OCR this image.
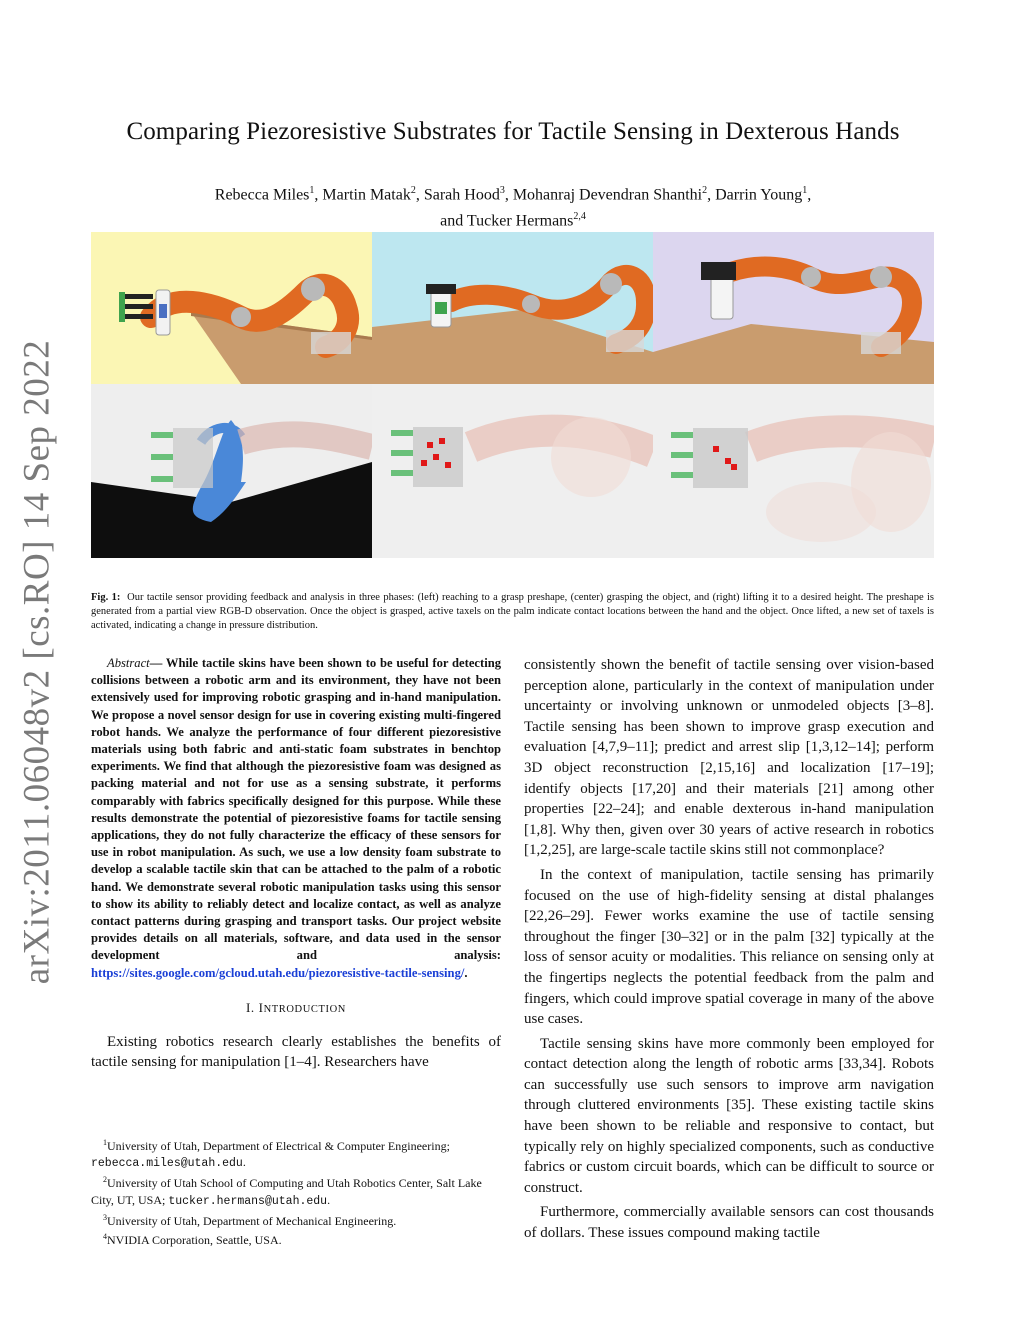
arXiv:2011.06048v2 [cs.RO] 14 Sep 2022
Comparing Piezoresistive Substrates for Tactile Sensing in Dexterous Hands
Rebecca Miles$^1$, Martin Matak$^2$, Sarah Hood$^3$, Mohanraj Devendran Shanthi$^2$, Darrin Young$^1$,
and Tucker Hermans$^{2,4}$
Fig. 1: Our tactile sensor providing feedback and analysis in three phases: (left) reaching to a grasp preshape, (center) grasping the object, and (right) lifting it to a desired height. The preshape is generated from a partial view RGB-D observation. Once the object is grasped, active taxels on the palm indicate contact locations between the hand and the object. Once lifted, a new set of taxels is activated, indicating a change in pressure distribution.

Abstract— While tactile skins have been shown to be useful for detecting collisions between a robotic arm and its environment, they have not been extensively used for improving robotic grasping and in-hand manipulation. We propose a novel sensor design for use in covering existing multi-fingered robot hands. We analyze the performance of four different piezoresistive materials using both fabric and anti-static foam substrates in benchtop experiments. We find that although the piezoresistive foam was designed as packing material and not for use as a sensing substrate, it performs comparably with fabrics specifically designed for this purpose. While these results demonstrate the potential of piezoresistive foams for tactile sensing applications, they do not fully characterize the efficacy of these sensors for use in robot manipulation. As such, we use a low density foam substrate to develop a scalable tactile skin that can be attached to the palm of a robotic hand. We demonstrate several robotic manipulation tasks using this sensor to show its ability to reliably detect and localize contact, as well as analyze contact patterns during grasping and transport tasks. Our project website provides details on all materials, software, and data used in the sensor development and analysis: https://sites.google.com/gcloud.utah.edu/piezoresistive-tactile-sensing/.

I. INTRODUCTION

Existing robotics research clearly establishes the benefits of tactile sensing for manipulation [1–4]. Researchers have

$^1$University of Utah, Department of Electrical & Computer Engineering; rebecca.miles@utah.edu.
$^2$University of Utah School of Computing and Utah Robotics Center, Salt Lake City, UT, USA; tucker.hermans@utah.edu.
$^3$University of Utah, Department of Mechanical Engineering.
$^4$NVIDIA Corporation, Seattle, USA.

consistently shown the benefit of tactile sensing over vision-based perception alone, particularly in the context of manipulation under uncertainty or involving unknown or unmodeled objects [3–8]. Tactile sensing has been shown to improve grasp execution and evaluation [4,7,9–11]; predict and arrest slip [1,3,12–14]; perform 3D object reconstruction [2,15,16] and localization [17–19]; identify objects [17,20] and their materials [21] among other properties [22–24]; and enable dexterous in-hand manipulation [1,8]. Why then, given over 30 years of active research in robotics [1,2,25], are large-scale tactile skins still not commonplace?

In the context of manipulation, tactile sensing has primarily focused on the use of high-fidelity sensing at distal phalanges [22,26–29]. Fewer works examine the use of tactile sensing throughout the finger [30–32] or in the palm [32] typically at the loss of sensor acuity or modalities. This reliance on sensing only at the fingertips neglects the potential feedback from the palm and fingers, which could improve spatial coverage in many of the above use cases.

Tactile sensing skins have more commonly been employed for contact detection along the length of robotic arms [33,34]. Robots can successfully use such sensors to improve arm navigation through cluttered environments [35]. These existing tactile skins have been shown to be reliable and responsive to contact, but typically rely on highly specialized components, such as conductive fabrics or custom circuit boards, which can be difficult to source or construct.

Furthermore, commercially available sensors can cost thousands of dollars. These issues compound making tactile
